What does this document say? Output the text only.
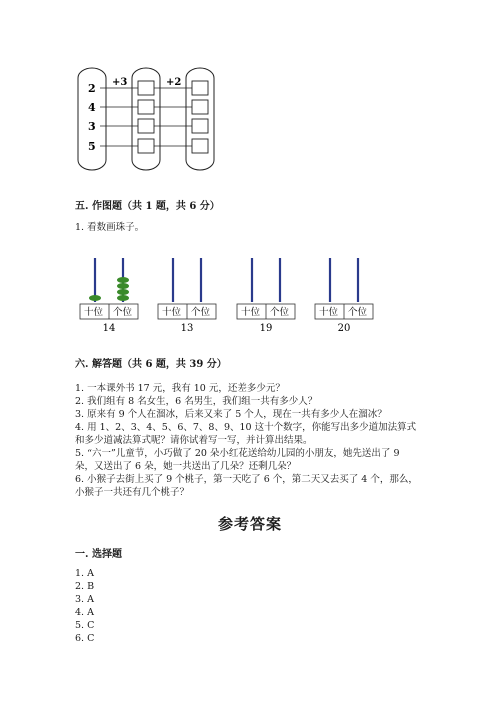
+3	+2
2
4
3
5
五. 作图题（共 1 题，共 6 分）
1. 看数画珠子。
十位 个位
14
十位 个位
13
十位 个位
19
十位 个位
20
六. 解答题（共 6 题，共 39 分）
1. 一本课外书 17 元，我有 10 元，还差多少元？
2. 我们组有 8 名女生，6 名男生，我们组一共有多少人？
3. 原来有 9 个人在溜冰，后来又来了 5 个人，现在一共有多少人在溜冰？
4. 用 1、2、3、4、5、6、7、8、9、10 这十个数字，你能写出多少道加法算式
和多少道减法算式呢？请你试着写一写，并计算出结果。
5. “六一”儿童节，小巧做了 20 朵小红花送给幼儿园的小朋友，她先送出了 9
朵，又送出了 6 朵，她一共送出了几朵？还剩几朵？
6. 小猴子去街上买了 9 个桃子，第一天吃了 6 个，第二天又去买了 4 个，那么，
小猴子一共还有几个桃子？
参考答案
一. 选择题
1. A
2. B
3. A
4. A
5. C
6. C
